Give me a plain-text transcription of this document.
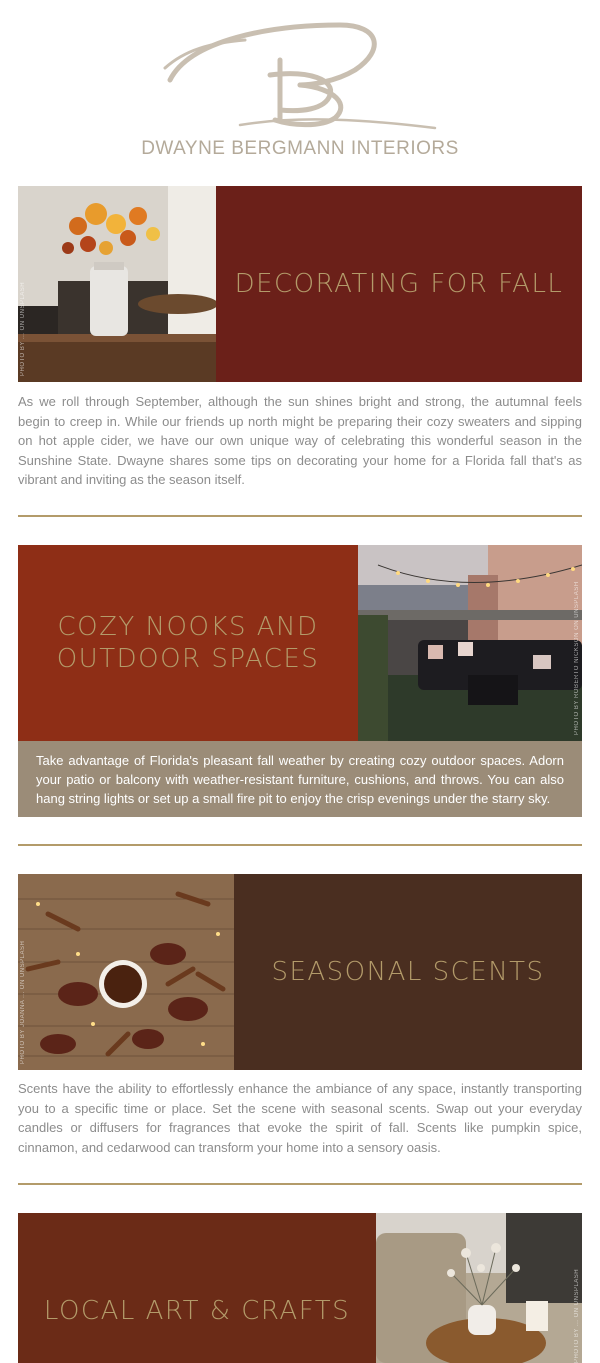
DWAYNE BERGMANN INTERIORS
PHOTO BY ... ON UNSPLASH	DECORATING FOR FALL
As we roll through September, although the sun shines bright and strong, the autumnal feels begin to creep in. While our friends up north might be preparing their cozy sweaters and sipping on hot apple cider, we have our own unique way of celebrating this wonderful season in the Sunshine State. Dwayne shares some tips on decorating your home for a Florida fall that's as vibrant and inviting as the season itself.
COZY NOOKS AND OUTDOOR SPACES	PHOTO BY ROBERTO NICKSON ON UNSPLASH
Take advantage of Florida's pleasant fall weather by creating cozy outdoor spaces. Adorn your patio or balcony with weather-resistant furniture, cushions, and throws. You can also hang string lights or set up a small fire pit to enjoy the crisp evenings under the starry sky.
PHOTO BY JOANNA ... ON UNSPLASH	SEASONAL SCENTS
Scents have the ability to effortlessly enhance the ambiance of any space, instantly transporting you to a specific time or place. Set the scene with seasonal scents. Swap out your everyday candles or diffusers for fragrances that evoke the spirit of fall. Scents like pumpkin spice, cinnamon, and cedarwood can transform your home into a sensory oasis.
LOCAL ART & CRAFTS	PHOTO BY ... ON UNSPLASH
